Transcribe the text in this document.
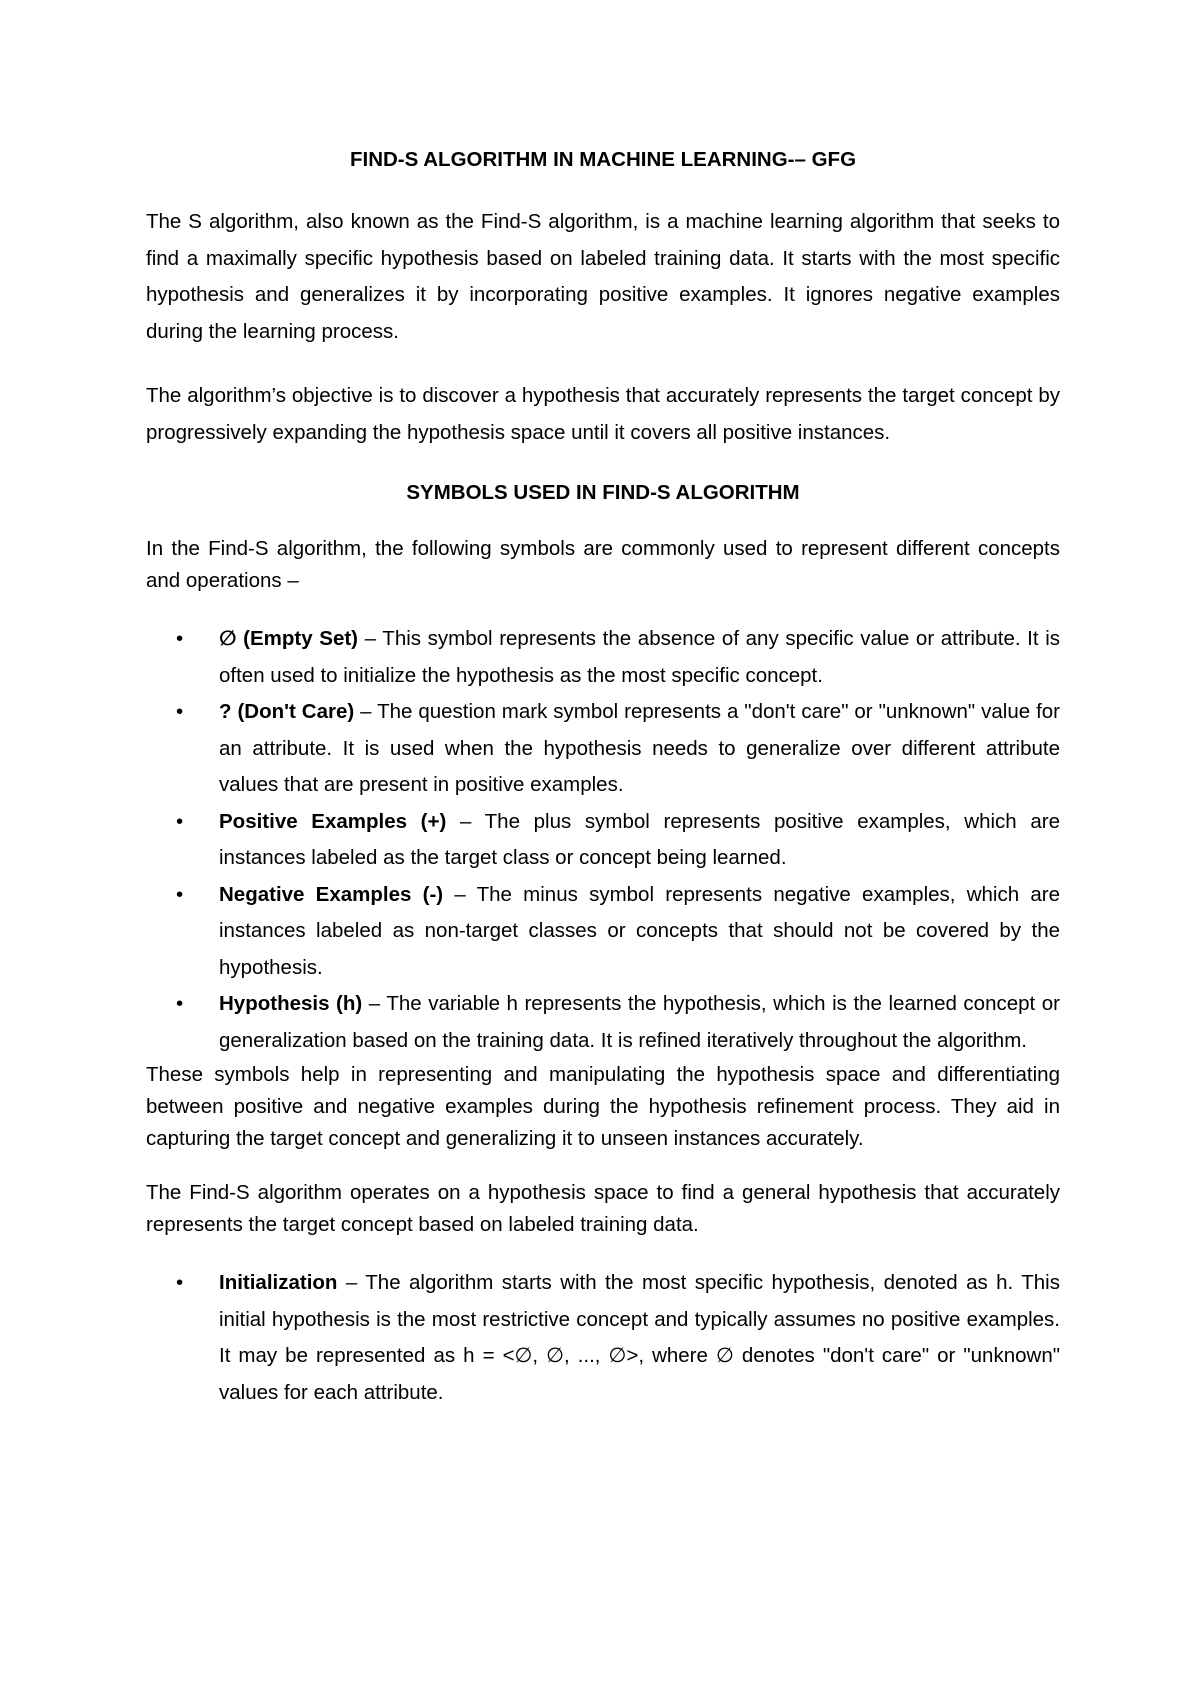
FIND-S ALGORITHM IN MACHINE LEARNING-– GFG

The S algorithm, also known as the Find-S algorithm, is a machine learning algorithm that seeks to find a maximally specific hypothesis based on labeled training data. It starts with the most specific hypothesis and generalizes it by incorporating positive examples. It ignores negative examples during the learning process.

The algorithm’s objective is to discover a hypothesis that accurately represents the target concept by progressively expanding the hypothesis space until it covers all positive instances.

SYMBOLS USED IN FIND-S ALGORITHM

In the Find-S algorithm, the following symbols are commonly used to represent different concepts and operations –

• ∅ (Empty Set) – This symbol represents the absence of any specific value or attribute. It is often used to initialize the hypothesis as the most specific concept.
• ? (Don't Care) – The question mark symbol represents a "don't care" or "unknown" value for an attribute. It is used when the hypothesis needs to generalize over different attribute values that are present in positive examples.
• Positive Examples (+) – The plus symbol represents positive examples, which are instances labeled as the target class or concept being learned.
• Negative Examples (-) – The minus symbol represents negative examples, which are instances labeled as non-target classes or concepts that should not be covered by the hypothesis.
• Hypothesis (h) – The variable h represents the hypothesis, which is the learned concept or generalization based on the training data. It is refined iteratively throughout the algorithm.

These symbols help in representing and manipulating the hypothesis space and differentiating between positive and negative examples during the hypothesis refinement process. They aid in capturing the target concept and generalizing it to unseen instances accurately.

The Find-S algorithm operates on a hypothesis space to find a general hypothesis that accurately represents the target concept based on labeled training data.

• Initialization – The algorithm starts with the most specific hypothesis, denoted as h. This initial hypothesis is the most restrictive concept and typically assumes no positive examples. It may be represented as h = <∅, ∅, ..., ∅>, where ∅ denotes "don't care" or "unknown" values for each attribute.
